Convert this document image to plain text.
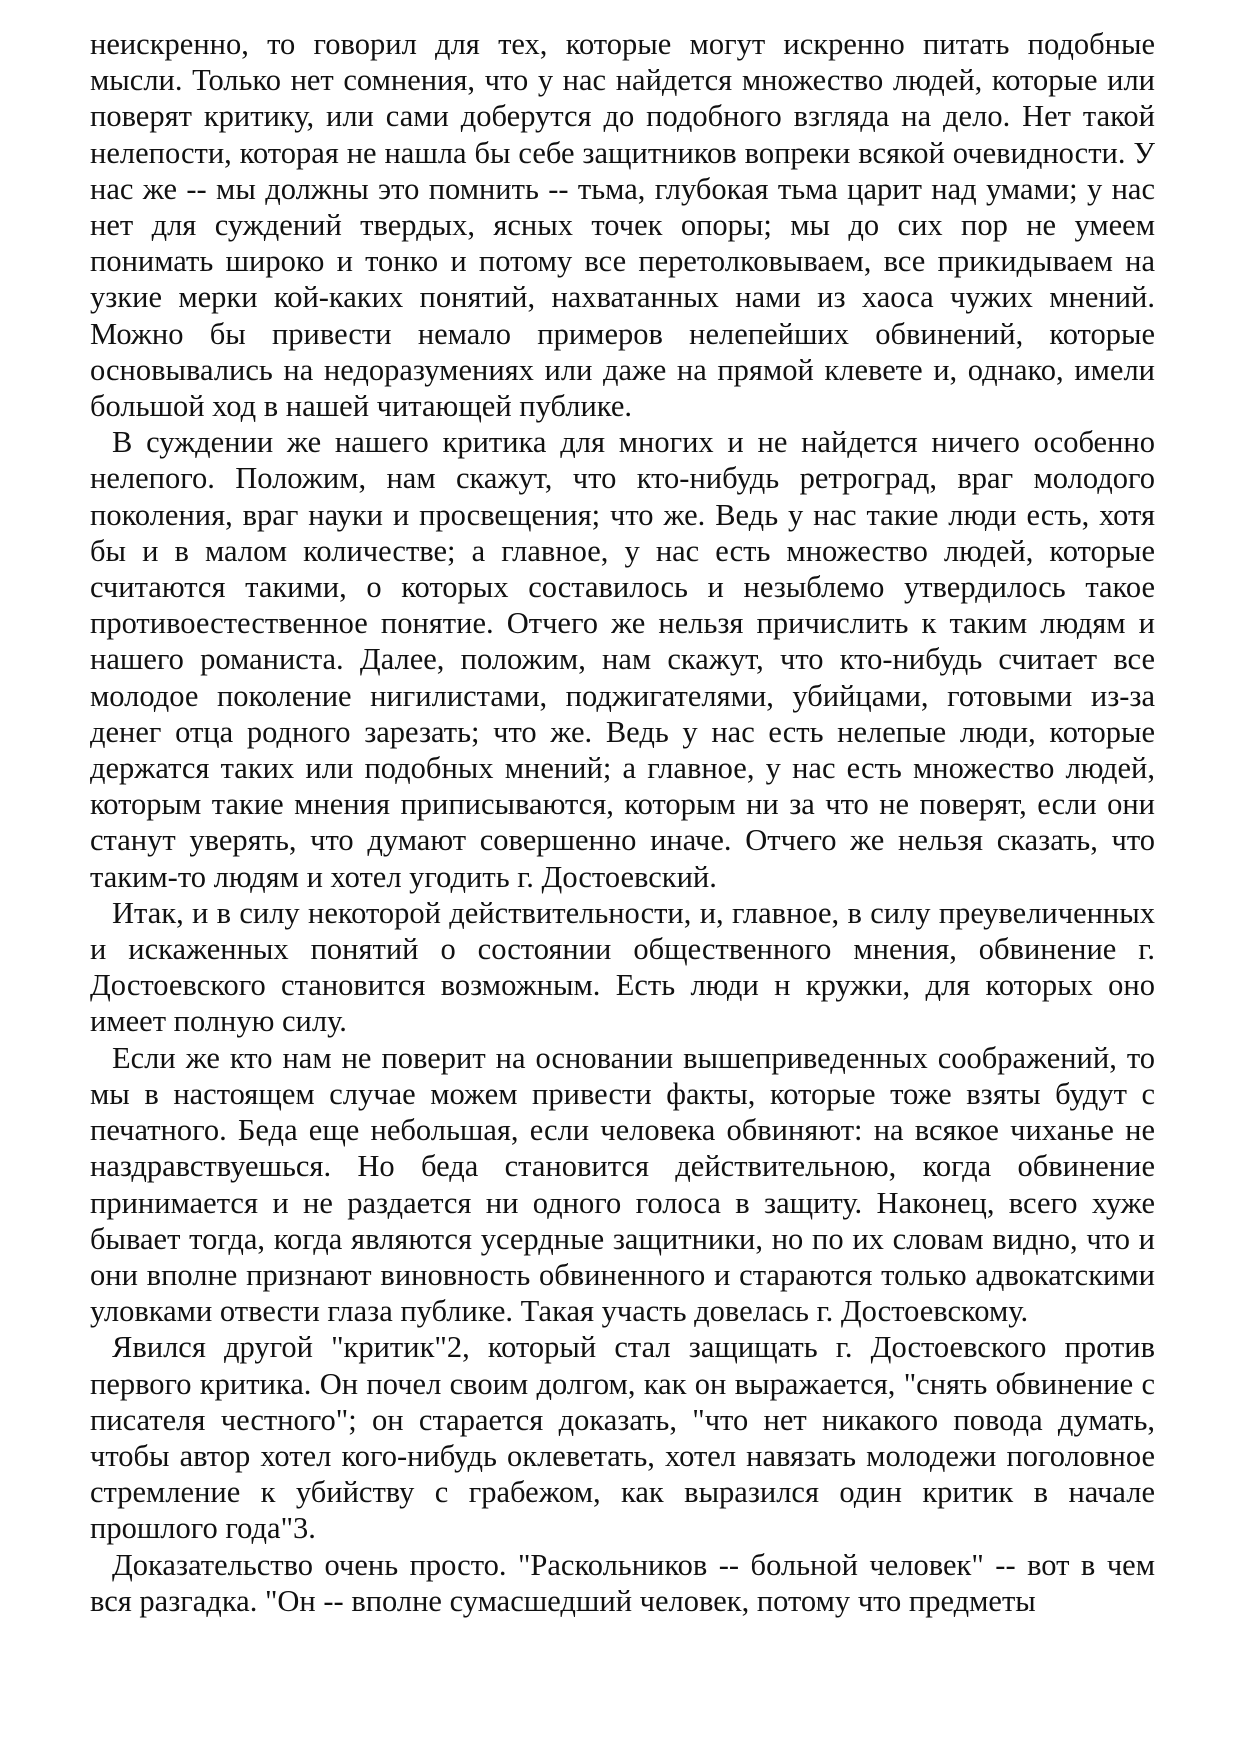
неискренно, то говорил для тех, которые могут искренно питать подобные мысли. Только нет сомнения, что у нас найдется множество людей, которые или поверят критику, или сами доберутся до подобного взгляда на дело. Нет такой нелепости, которая не нашла бы себе защитников вопреки всякой очевидности. У нас же -- мы должны это помнить -- тьма, глубокая тьма царит над умами; у нас нет для суждений твердых, ясных точек опоры; мы до сих пор не умеем понимать широко и тонко и потому все перетолковываем, все прикидываем на узкие мерки кой-каких понятий, нахватанных нами из хаоса чужих мнений. Можно бы привести немало примеров нелепейших обвинений, которые основывались на недоразумениях или даже на прямой клевете и, однако, имели большой ход в нашей читающей публике.

В суждении же нашего критика для многих и не найдется ничего особенно нелепого. Положим, нам скажут, что кто-нибудь ретроград, враг молодого поколения, враг науки и просвещения; что же. Ведь у нас такие люди есть, хотя бы и в малом количестве; а главное, у нас есть множество людей, которые считаются такими, о которых составилось и незыблемо утвердилось такое противоестественное понятие. Отчего же нельзя причислить к таким людям и нашего романиста. Далее, положим, нам скажут, что кто-нибудь считает все молодое поколение нигилистами, поджигателями, убийцами, готовыми из-за денег отца родного зарезать; что же. Ведь у нас есть нелепые люди, которые держатся таких или подобных мнений; а главное, у нас есть множество людей, которым такие мнения приписываются, которым ни за что не поверят, если они станут уверять, что думают совершенно иначе. Отчего же нельзя сказать, что таким-то людям и хотел угодить г. Достоевский.

Итак, и в силу некоторой действительности, и, главное, в силу преувеличенных и искаженных понятий о состоянии общественного мнения, обвинение г. Достоевского становится возможным. Есть люди н кружки, для которых оно имеет полную силу.

Если же кто нам не поверит на основании вышеприведенных соображений, то мы в настоящем случае можем привести факты, которые тоже взяты будут с печатного. Беда еще небольшая, если человека обвиняют: на всякое чиханье не наздравствуешься. Но беда становится действительною, когда обвинение принимается и не раздается ни одного голоса в защиту. Наконец, всего хуже бывает тогда, когда являются усердные защитники, но по их словам видно, что и они вполне признают виновность обвиненного и стараются только адвокатскими уловками отвести глаза публике. Такая участь довелась г. Достоевскому.

Явился другой "критик"2, который стал защищать г. Достоевского против первого критика. Он почел своим долгом, как он выражается, "снять обвинение с писателя честного"; он старается доказать, "что нет никакого повода думать, чтобы автор хотел кого-нибудь оклеветать, хотел навязать молодежи поголовное стремление к убийству с грабежом, как выразился один критик в начале прошлого года"3.

Доказательство очень просто. "Раскольников -- больной человек" -- вот в чем вся разгадка. "Он -- вполне сумасшедший человек, потому что предметы
